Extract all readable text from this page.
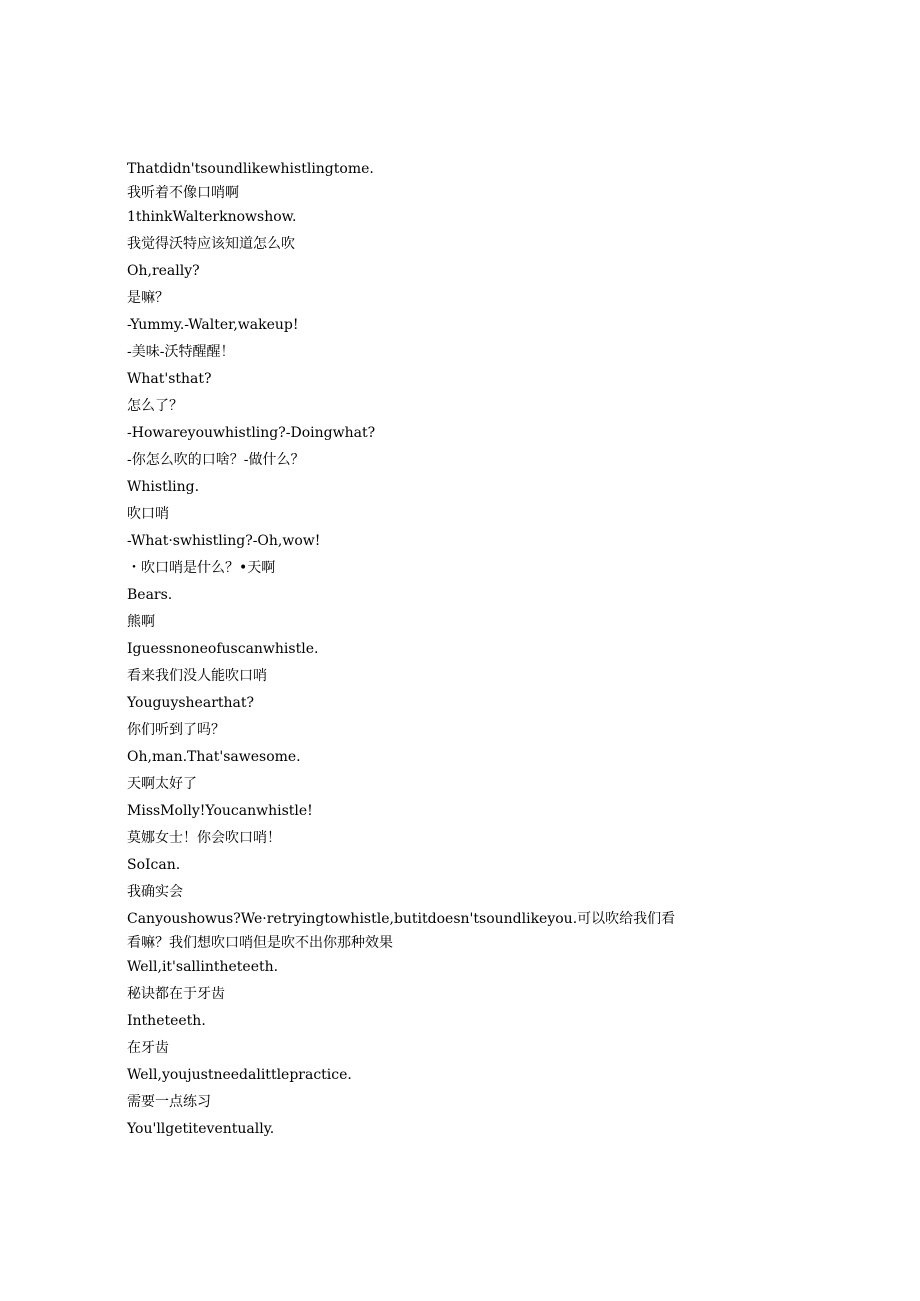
Thatdidn'tsoundlikewhistlingtome.

我听着不像口哨啊

1thinkWalterknowshow.

我觉得沃特应该知道怎么吹

Oh,really?

是嘛？

-Yummy.-Walter,wakeup!

-美味-沃特醒醒！

What'sthat?

怎么了？

-Howareyouwhistling?-Doingwhat?

-你怎么吹的口啥？-做什么？

Whistling.

吹口哨

-What·swhistling?-Oh,wow!

・吹口哨是什么？•天啊

Bears.

熊啊

Iguessnoneofuscanwhistle.

看来我们没人能吹口哨

Youguyshearthat?

你们听到了吗？

Oh,man.That'sawesome.

天啊太好了

MissMolly!Youcanwhistle!

莫娜女士！你会吹口哨！

SoIcan.

我确实会

Canyoushowus?We·retryingtowhistle,butitdoesn'tsoundlikeyou.可以吹给我们看

看嘛？我们想吹口哨但是吹不出你那种效果

Well,it'sallintheteeth.

秘诀都在于牙齿

Intheteeth.

在牙齿

Well,youjustneedalittlepractice.

需要一点练习

You'llgetiteventually.
